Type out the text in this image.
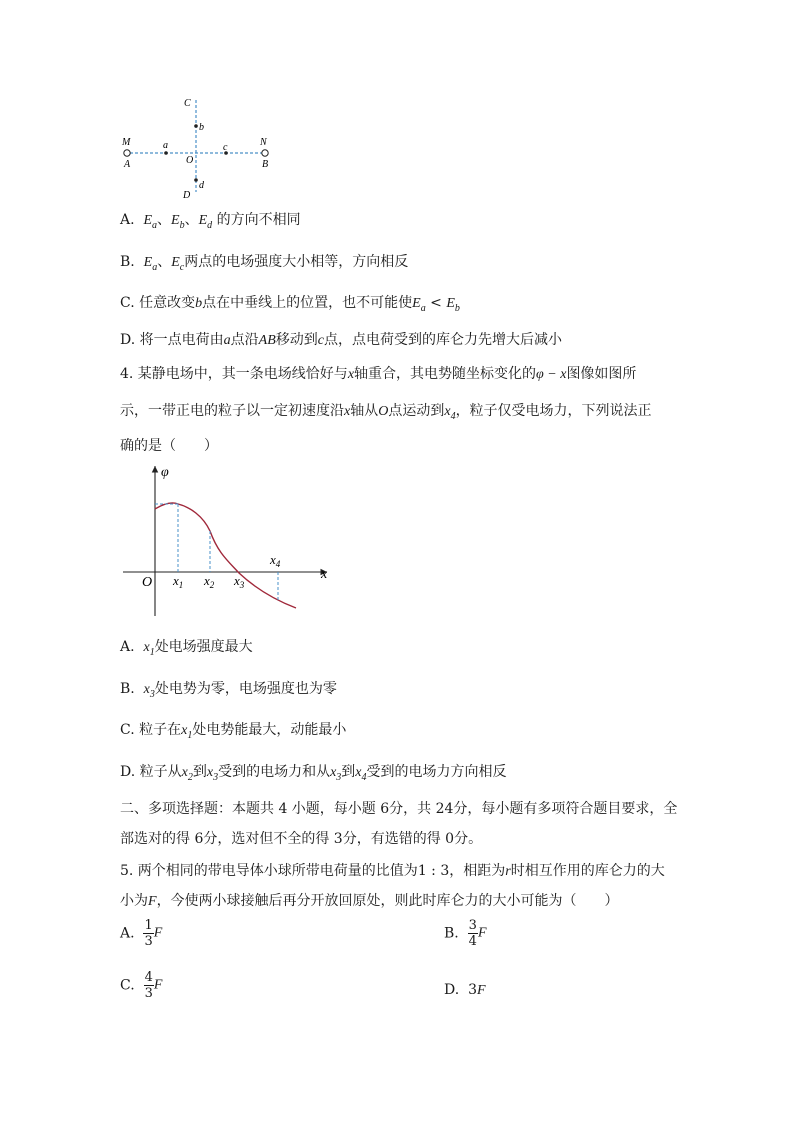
C
b
M	N
a	c
O
A	B
d
D
A. $E_a$、$E_b$、$E_d$ 的方向不相同
B. $E_a$、$E_c$两点的电场强度大小相等，方向相反
C. 任意改变b点在中垂线上的位置，也不可能使$E_a < E_b$
D. 将一点电荷由a点沿AB移动到c点，点电荷受到的库仑力先增大后减小
4. 某静电场中，其一条电场线恰好与x轴重合，其电势随坐标变化的φ − x图像如图所
示，一带正电的粒子以一定初速度沿x轴从O点运动到$x_4$，粒子仅受电场力，下列说法正
确的是（　　）
φ
x
O $x_1$ $x_2$ $x_3$
$x_4$
A. $x_1$处电场强度最大
B. $x_3$处电势为零，电场强度也为零
C. 粒子在$x_1$处电势能最大，动能最小
D. 粒子从$x_2$到$x_3$受到的电场力和从$x_3$到$x_4$受到的电场力方向相反
二、多项选择题：本题共 4 小题，每小题 6分，共 24分，每小题有多项符合题目要求，全
部选对的得 6分，选对但不全的得 3分，有选错的得 0分。
5. 两个相同的带电导体小球所带电荷量的比值为1 : 3，相距为r时相互作用的库仑力的大
小为F，今使两小球接触后再分开放回原处，则此时库仑力的大小可能为（　　）
A. $\frac{1}{3}$ F	B. $\frac{3}{4}$ F
C. $\frac{4}{3}$ F	D. 3F
